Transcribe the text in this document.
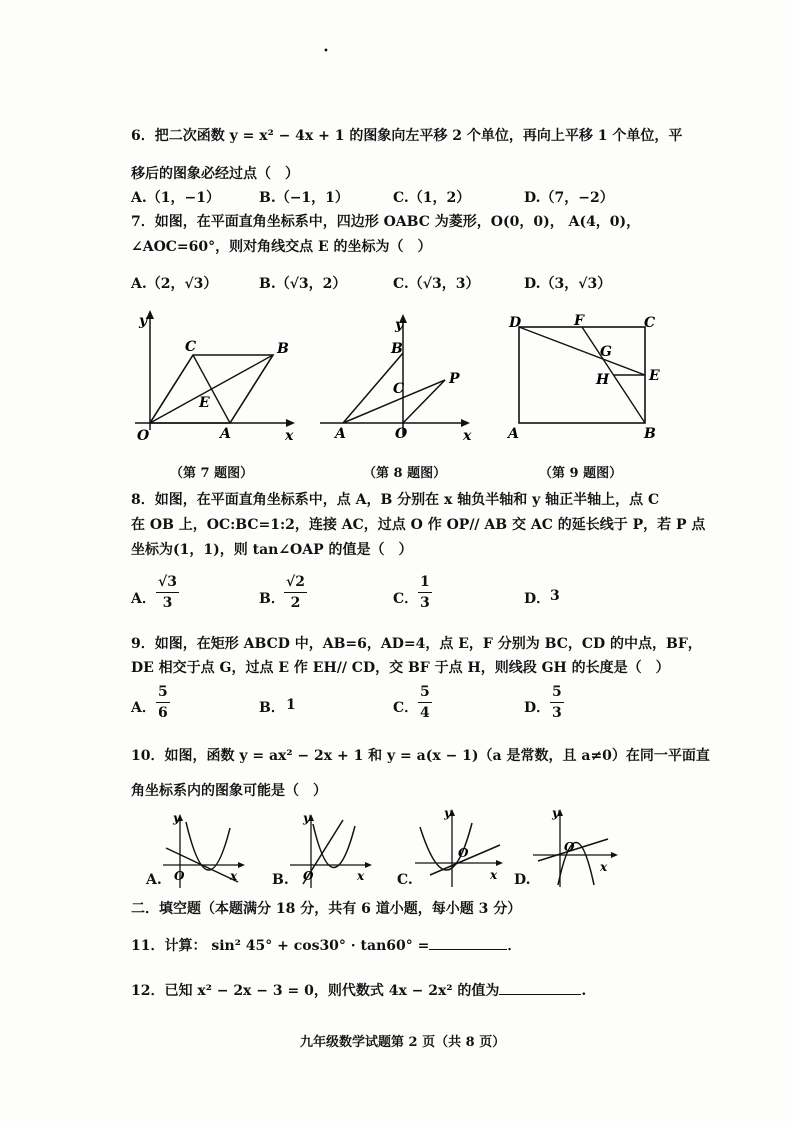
•
6．把二次函数 y = x² − 4x + 1 的图象向左平移 2 个单位，再向上平移 1 个单位，平
移后的图象必经过点（　）
A.（1，−1）	B.（−1，1）	C.（1，2）	D.（7，−2）
7．如图，在平面直角坐标系中，四边形 OABC 为菱形，O(0，0)， A(4，0)，
∠AOC=60°，则对角线交点 E 的坐标为（　）
A.（2，√3）	B.（√3，2）	C.（√3，3）	D.（3，√3）
y
x
O	A
B
C
E
（第 7 题图）
y
x
O
A
B
C
P
（第 8 题图）
D	F	C
G
H	E
A	B
（第 9 题图）
8．如图，在平面直角坐标系中，点 A，B 分别在 x 轴负半轴和 y 轴正半轴上，点 C
在 OB 上，OC:BC=1:2，连接 AC，过点 O 作 OP// AB 交 AC 的延长线于 P，若 P 点
坐标为(1，1)，则 tan∠OAP 的值是（　）
A． $\frac{√3}{3}$	B． $\frac{√2}{2}$	C． $\frac{1}{3}$	D． 3
9．如图，在矩形 ABCD 中，AB=6，AD=4，点 E，F 分别为 BC，CD 的中点，BF，
DE 相交于点 G，过点 E 作 EH// CD，交 BF 于点 H，则线段 GH 的长度是（　）
A． $\frac{5}{6}$	B． 1	C． $\frac{5}{4}$	D． $\frac{5}{3}$
10．如图，函数 y = ax² − 2x + 1 和 y = a(x − 1)（a 是常数，且 a≠0）在同一平面直
角坐标系内的图象可能是（　）
A.
y
O	x B.
y
O	x C.
y
O
x D.
y
O
x
二．填空题（本题满分 18 分，共有 6 道小题，每小题 3 分）
11．计算： sin² 45° + cos30° · tan60° =	．
12．已知 x² − 2x − 3 = 0，则代数式 4x − 2x² 的值为	.
九年级数学试题第 2 页（共 8 页）
